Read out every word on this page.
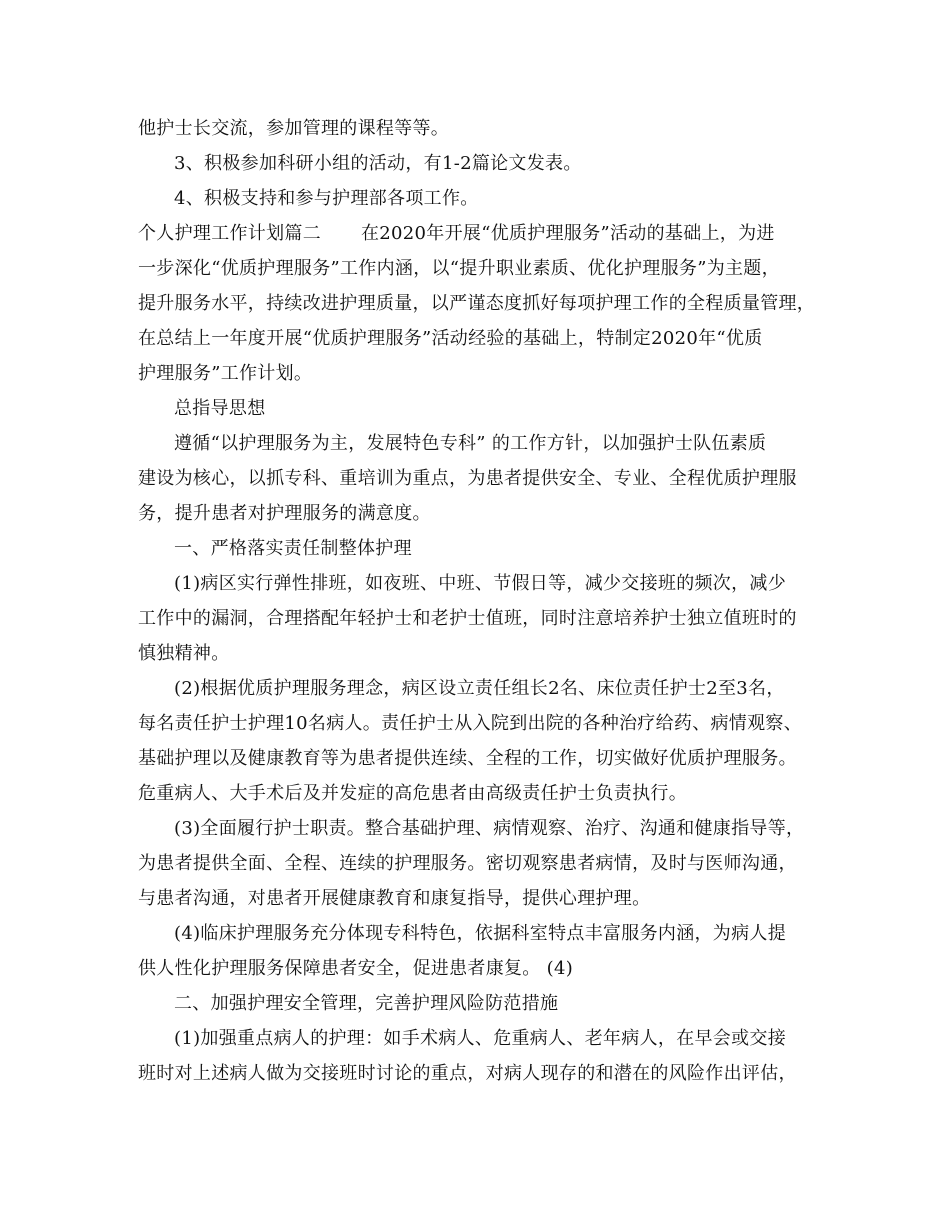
他护士长交流，参加管理的课程等等。
3、积极参加科研小组的活动，有1-2篇论文发表。
4、积极支持和参与护理部各项工作。
个人护理工作计划篇二 在2020年开展“优质护理服务”活动的基础上，为进
一步深化“优质护理服务”工作内涵，以“提升职业素质、优化护理服务”为主题，
提升服务水平，持续改进护理质量，以严谨态度抓好每项护理工作的全程质量管理，
在总结上一年度开展“优质护理服务”活动经验的基础上，特制定2020年“优质
护理服务”工作计划。
总指导思想
遵循“以护理服务为主，发展特色专科” 的工作方针，以加强护士队伍素质
建设为核心，以抓专科、重培训为重点，为患者提供安全、专业、全程优质护理服
务，提升患者对护理服务的满意度。
一、严格落实责任制整体护理
(1)病区实行弹性排班，如夜班、中班、节假日等，减少交接班的频次，减少
工作中的漏洞，合理搭配年轻护士和老护士值班，同时注意培养护士独立值班时的
慎独精神。
(2)根据优质护理服务理念，病区设立责任组长2名、床位责任护士2至3名，
每名责任护士护理10名病人。责任护士从入院到出院的各种治疗给药、病情观察、
基础护理以及健康教育等为患者提供连续、全程的工作，切实做好优质护理服务。
危重病人、大手术后及并发症的高危患者由高级责任护士负责执行。
(3)全面履行护士职责。整合基础护理、病情观察、治疗、沟通和健康指导等，
为患者提供全面、全程、连续的护理服务。密切观察患者病情，及时与医师沟通，
与患者沟通，对患者开展健康教育和康复指导，提供心理护理。
(4)临床护理服务充分体现专科特色，依据科室特点丰富服务内涵，为病人提
供人性化护理服务保障患者安全，促进患者康复。 (4)
二、加强护理安全管理，完善护理风险防范措施
(1)加强重点病人的护理：如手术病人、危重病人、老年病人，在早会或交接
班时对上述病人做为交接班时讨论的重点，对病人现存的和潜在的风险作出评估，
